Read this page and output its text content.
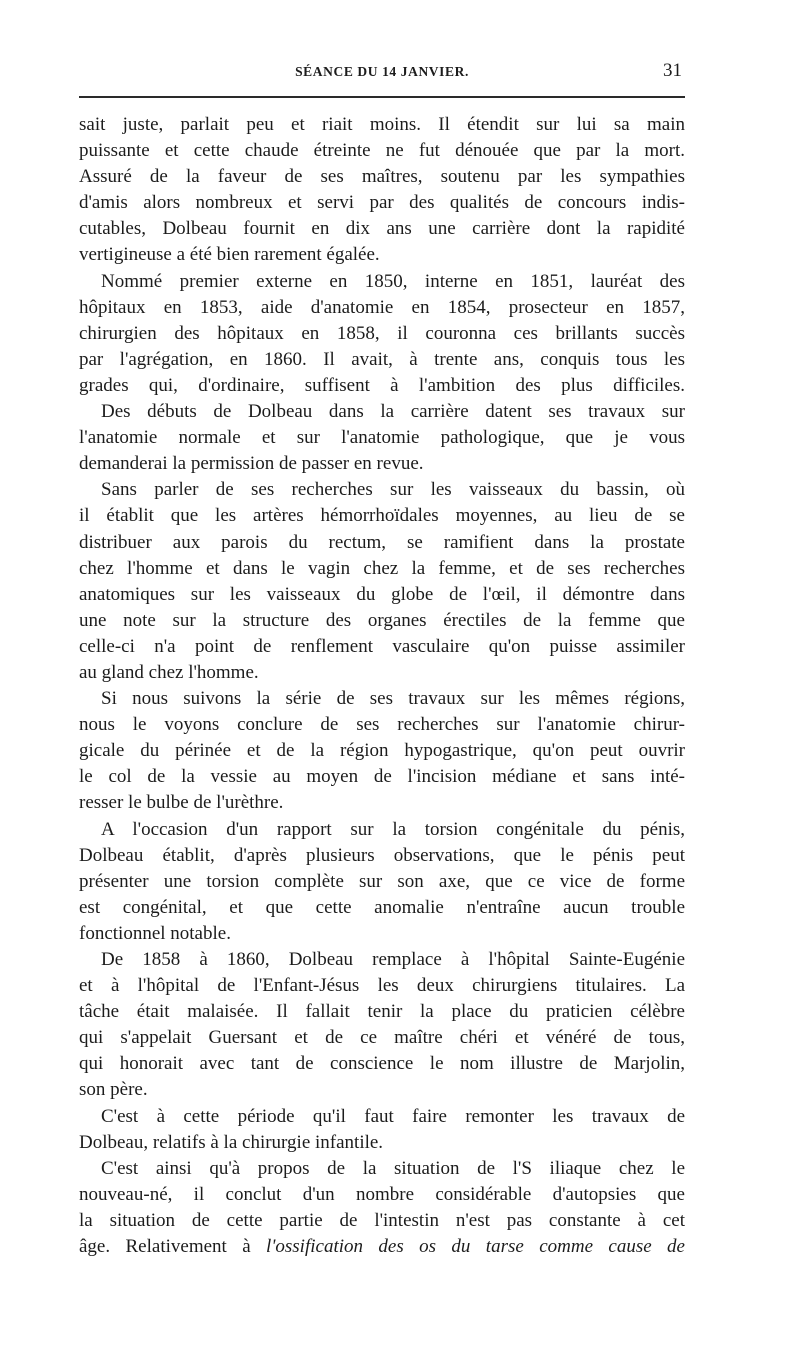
SÉANCE DU 14 JANVIER.	31
sait juste, parlait peu et riait moins. Il étendit sur lui sa main
puissante et cette chaude étreinte ne fut dénouée que par la mort.
Assuré de la faveur de ses maîtres, soutenu par les sympathies
d'amis alors nombreux et servi par des qualités de concours indis-
cutables, Dolbeau fournit en dix ans une carrière dont la rapidité
vertigineuse a été bien rarement égalée.
Nommé premier externe en 1850, interne en 1851, lauréat des
hôpitaux en 1853, aide d'anatomie en 1854, prosecteur en 1857,
chirurgien des hôpitaux en 1858, il couronna ces brillants succès
par l'agrégation, en 1860. Il avait, à trente ans, conquis tous les
grades qui, d'ordinaire, suffisent à l'ambition des plus difficiles.
Des débuts de Dolbeau dans la carrière datent ses travaux sur
l'anatomie normale et sur l'anatomie pathologique, que je vous
demanderai la permission de passer en revue.
Sans parler de ses recherches sur les vaisseaux du bassin, où
il établit que les artères hémorrhoïdales moyennes, au lieu de se
distribuer aux parois du rectum, se ramifient dans la prostate
chez l'homme et dans le vagin chez la femme, et de ses recherches
anatomiques sur les vaisseaux du globe de l'œil, il démontre dans
une note sur la structure des organes érectiles de la femme que
celle-ci n'a point de renflement vasculaire qu'on puisse assimiler
au gland chez l'homme.
Si nous suivons la série de ses travaux sur les mêmes régions,
nous le voyons conclure de ses recherches sur l'anatomie chirur-
gicale du périnée et de la région hypogastrique, qu'on peut ouvrir
le col de la vessie au moyen de l'incision médiane et sans inté-
resser le bulbe de l'urèthre.
A l'occasion d'un rapport sur la torsion congénitale du pénis,
Dolbeau établit, d'après plusieurs observations, que le pénis peut
présenter une torsion complète sur son axe, que ce vice de forme
est congénital, et que cette anomalie n'entraîne aucun trouble
fonctionnel notable.
De 1858 à 1860, Dolbeau remplace à l'hôpital Sainte-Eugénie
et à l'hôpital de l'Enfant-Jésus les deux chirurgiens titulaires. La
tâche était malaisée. Il fallait tenir la place du praticien célèbre
qui s'appelait Guersant et de ce maître chéri et vénéré de tous,
qui honorait avec tant de conscience le nom illustre de Marjolin,
son père.
C'est à cette période qu'il faut faire remonter les travaux de
Dolbeau, relatifs à la chirurgie infantile.
C'est ainsi qu'à propos de la situation de l'S iliaque chez le
nouveau-né, il conclut d'un nombre considérable d'autopsies que
la situation de cette partie de l'intestin n'est pas constante à cet
âge. Relativement à l'ossification des os du tarse comme cause de
